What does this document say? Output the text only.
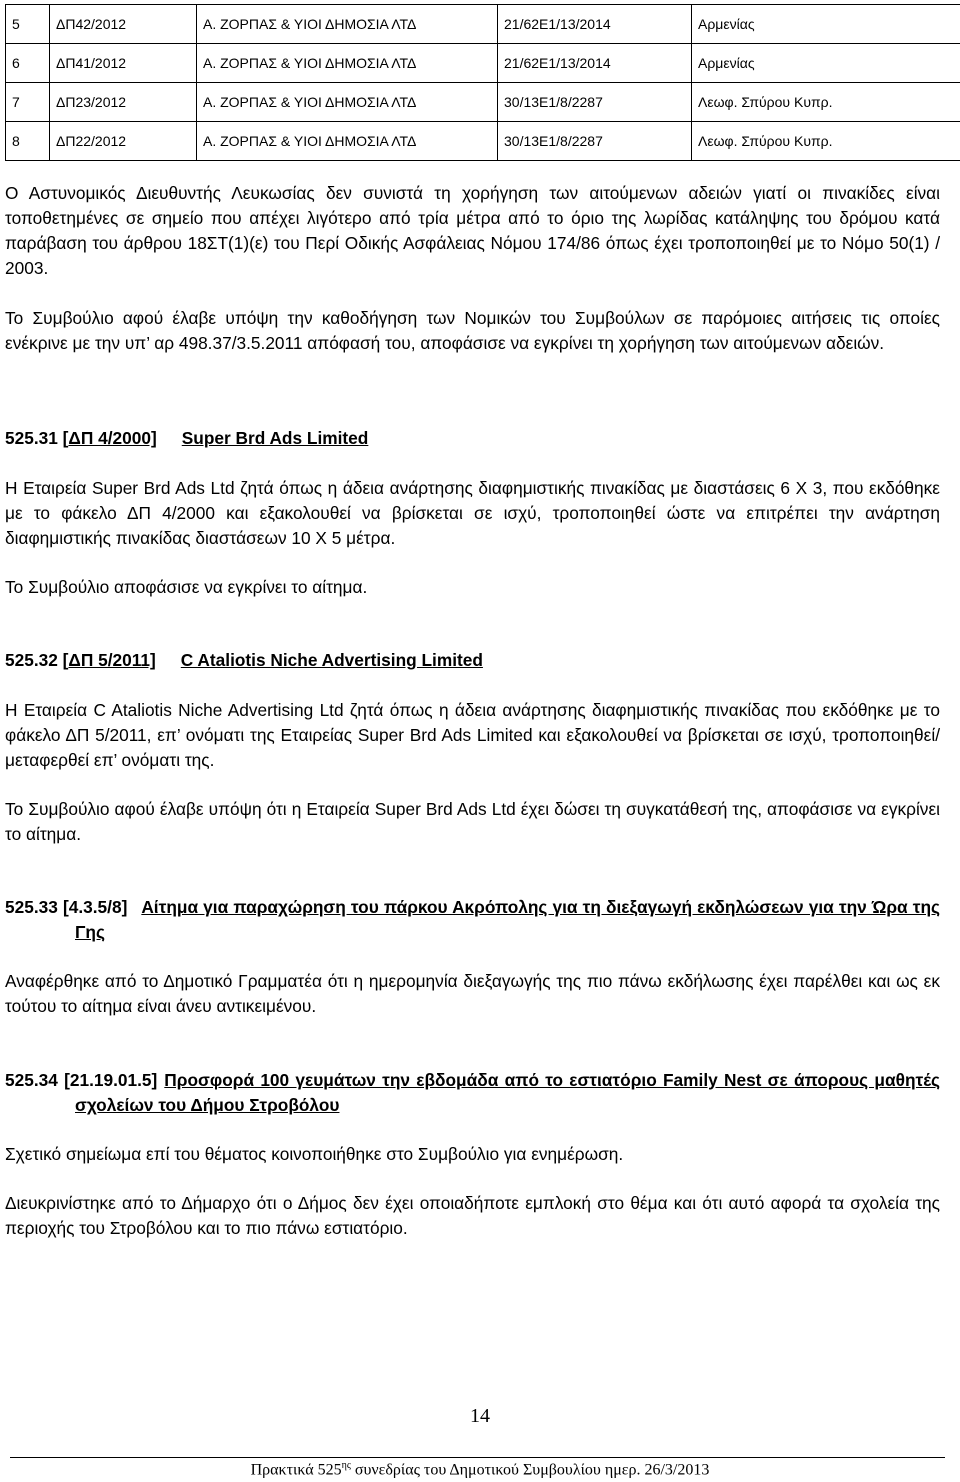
5	ΔΠ42/2012	Α. ΖΟΡΠΑΣ & ΥΙΟΙ ΔΗΜΟΣΙΑ ΛΤΔ	21/62Ε1/13/2014	Αρμενίας
6	ΔΠ41/2012	Α. ΖΟΡΠΑΣ & ΥΙΟΙ ΔΗΜΟΣΙΑ ΛΤΔ	21/62Ε1/13/2014	Αρμενίας
7	ΔΠ23/2012	Α. ΖΟΡΠΑΣ & ΥΙΟΙ ΔΗΜΟΣΙΑ ΛΤΔ	30/13Ε1/8/2287	Λεωφ. Σπύρου Κυπρ.
8	ΔΠ22/2012	Α. ΖΟΡΠΑΣ & ΥΙΟΙ ΔΗΜΟΣΙΑ ΛΤΔ	30/13Ε1/8/2287	Λεωφ. Σπύρου Κυπρ.

Ο Αστυνομικός Διευθυντής Λευκωσίας δεν συνιστά τη χορήγηση των αιτούμενων αδειών γιατί οι πινακίδες είναι τοποθετημένες σε σημείο που απέχει λιγότερο από τρία μέτρα από το όριο της λωρίδας κατάληψης του δρόμου κατά παράβαση του άρθρου 18ΣΤ(1)(ε) του Περί Οδικής Ασφάλειας Νόμου 174/86 όπως έχει τροποποιηθεί με το Νόμο 50(1) / 2003.

Το Συμβούλιο αφού έλαβε υπόψη την καθοδήγηση των Νομικών του Συμβούλων σε παρόμοιες αιτήσεις τις οποίες ενέκρινε με την υπ’ αρ 498.37/3.5.2011 απόφασή του, αποφάσισε να εγκρίνει τη χορήγηση των αιτούμενων αδειών.

525.31 [ΔΠ 4/2000] Super Brd Ads Limited

Η Εταιρεία Super Brd Ads Ltd ζητά όπως η άδεια ανάρτησης διαφημιστικής πινακίδας με διαστάσεις 6 Χ 3, που εκδόθηκε με το φάκελο ΔΠ 4/2000 και εξακολουθεί να βρίσκεται σε ισχύ, τροποποιηθεί ώστε να επιτρέπει την ανάρτηση διαφημιστικής πινακίδας διαστάσεων 10 Χ 5 μέτρα.

Το Συμβούλιο αποφάσισε να εγκρίνει το αίτημα.

525.32 [ΔΠ 5/2011] C Ataliotis Niche Advertising Limited

Η Εταιρεία C Ataliotis Niche Advertising Ltd ζητά όπως η άδεια ανάρτησης διαφημιστικής πινακίδας που εκδόθηκε με το φάκελο ΔΠ 5/2011, επ’ ονόματι της Εταιρείας Super Brd Ads Limited και εξακολουθεί να βρίσκεται σε ισχύ, τροποποιηθεί/μεταφερθεί επ’ ονόματι της.

Το Συμβούλιο αφού έλαβε υπόψη ότι η Εταιρεία Super Brd Ads Ltd έχει δώσει τη συγκατάθεσή της, αποφάσισε να εγκρίνει το αίτημα.

525.33 [4.3.5/8] Αίτημα για παραχώρηση του πάρκου Ακρόπολης για τη διεξαγωγή εκδηλώσεων για την Ώρα της Γης

Αναφέρθηκε από το Δημοτικό Γραμματέα ότι η ημερομηνία διεξαγωγής της πιο πάνω εκδήλωσης έχει παρέλθει και ως εκ τούτου το αίτημα είναι άνευ αντικειμένου.

525.34 [21.19.01.5] Προσφορά 100 γευμάτων την εβδομάδα από το εστιατόριο Family Nest σε άπορους μαθητές σχολείων του Δήμου Στροβόλου

Σχετικό σημείωμα επί του θέματος κοινοποιήθηκε στο Συμβούλιο για ενημέρωση.

Διευκρινίστηκε από το Δήμαρχο ότι ο Δήμος δεν έχει οποιαδήποτε εμπλοκή στο θέμα και ότι αυτό αφορά τα σχολεία της περιοχής του Στροβόλου και το πιο πάνω εστιατόριο.

14
Πρακτικά $525^{\eta\varsigma}$ συνεδρίας του Δημοτικού Συμβουλίου ημερ. 26/3/2013
